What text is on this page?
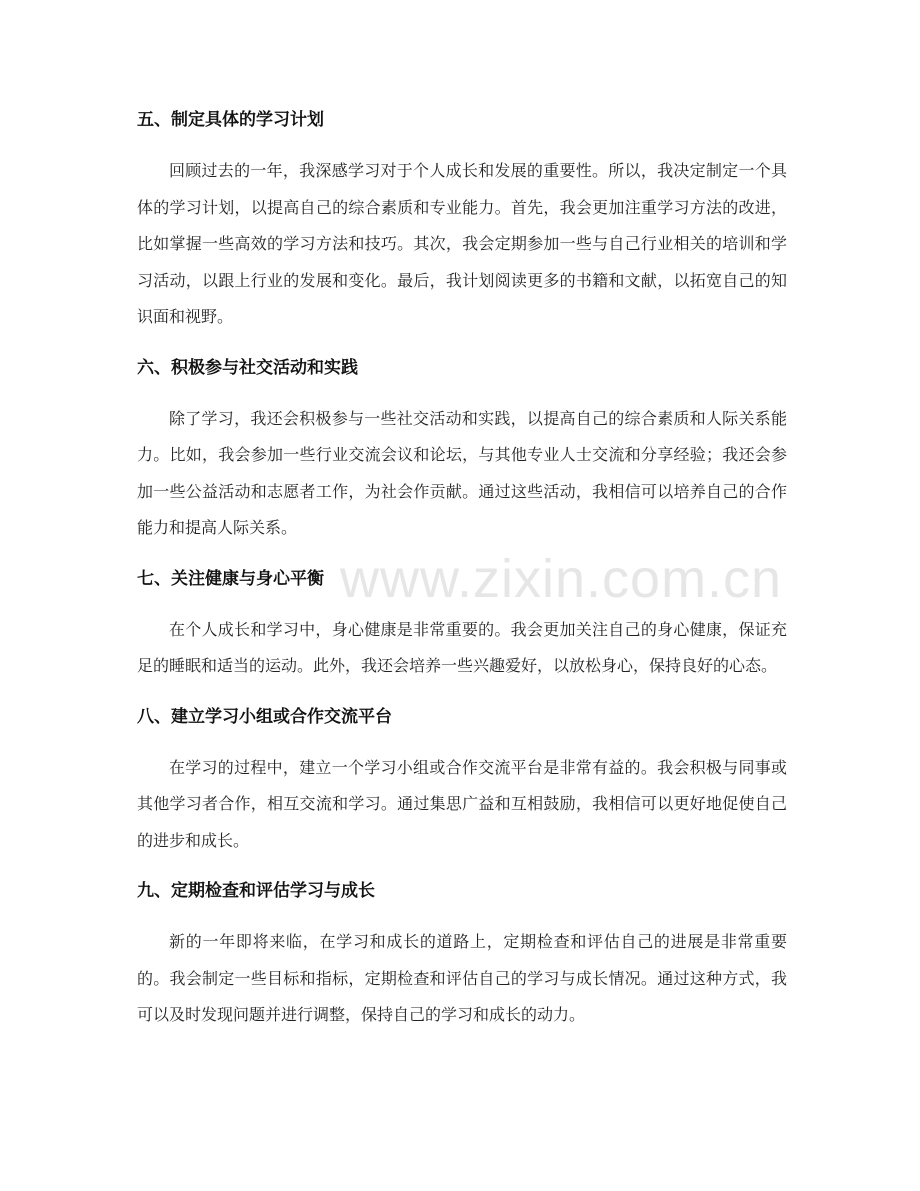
www.zixin.com.cn
五、制定具体的学习计划

回顾过去的一年，我深感学习对于个人成长和发展的重要性。所以，我决定制定一个具体的学习计划，以提高自己的综合素质和专业能力。首先，我会更加注重学习方法的改进，比如掌握一些高效的学习方法和技巧。其次，我会定期参加一些与自己行业相关的培训和学习活动，以跟上行业的发展和变化。最后，我计划阅读更多的书籍和文献，以拓宽自己的知识面和视野。

六、积极参与社交活动和实践

除了学习，我还会积极参与一些社交活动和实践，以提高自己的综合素质和人际关系能力。比如，我会参加一些行业交流会议和论坛，与其他专业人士交流和分享经验；我还会参加一些公益活动和志愿者工作，为社会作贡献。通过这些活动，我相信可以培养自己的合作能力和提高人际关系。

七、关注健康与身心平衡

在个人成长和学习中，身心健康是非常重要的。我会更加关注自己的身心健康，保证充足的睡眠和适当的运动。此外，我还会培养一些兴趣爱好，以放松身心，保持良好的心态。

八、建立学习小组或合作交流平台

在学习的过程中，建立一个学习小组或合作交流平台是非常有益的。我会积极与同事或其他学习者合作，相互交流和学习。通过集思广益和互相鼓励，我相信可以更好地促使自己的进步和成长。

九、定期检查和评估学习与成长

新的一年即将来临，在学习和成长的道路上，定期检查和评估自己的进展是非常重要的。我会制定一些目标和指标，定期检查和评估自己的学习与成长情况。通过这种方式，我可以及时发现问题并进行调整，保持自己的学习和成长的动力。
